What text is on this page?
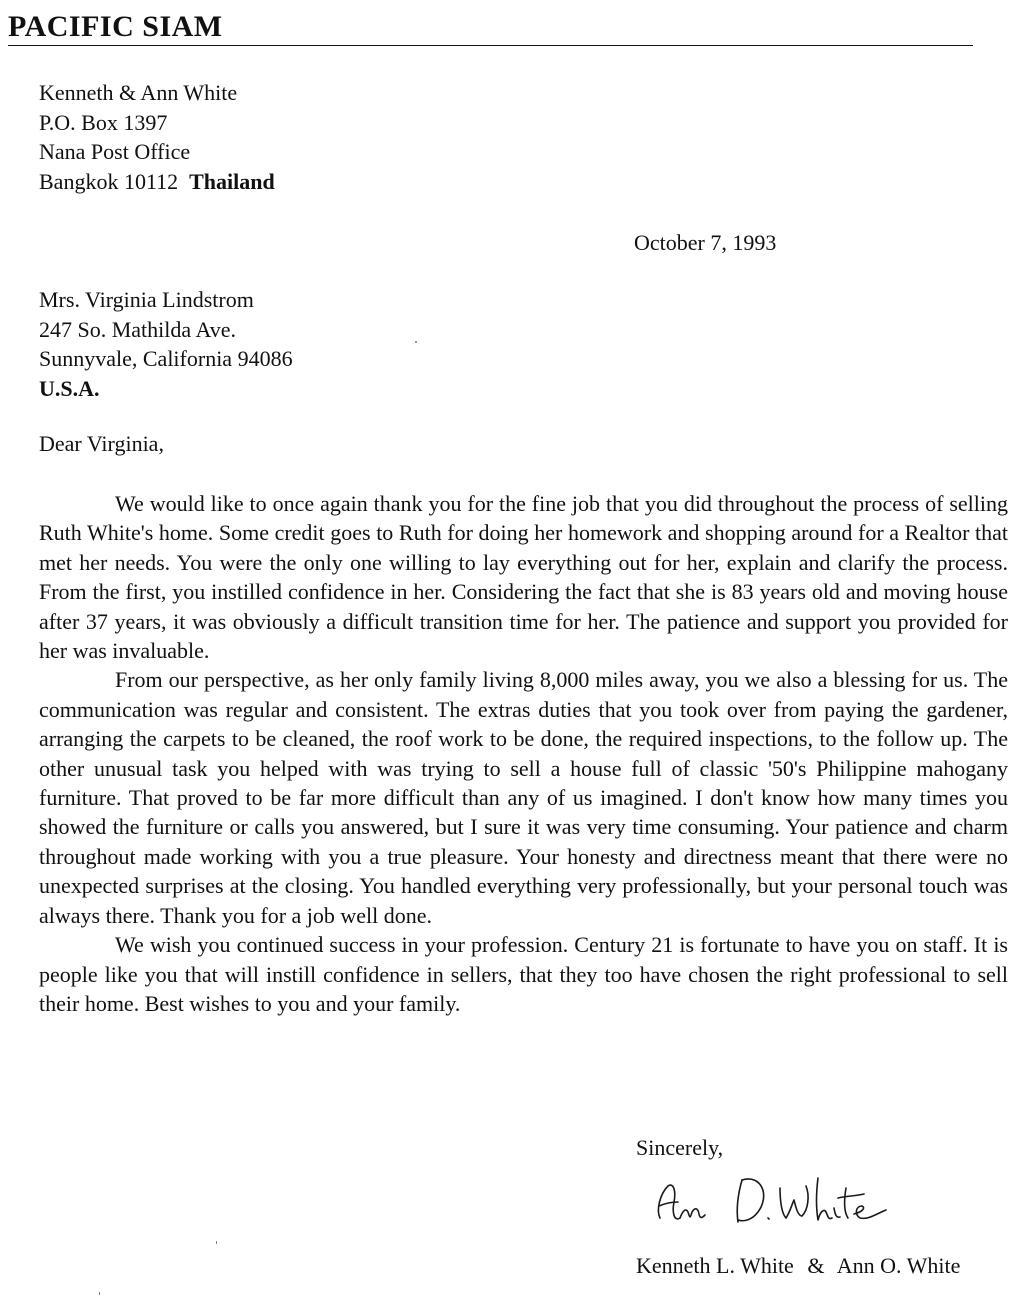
PACIFIC SIAM
Kenneth & Ann White
P.O. Box 1397
Nana Post Office
Bangkok 10112 Thailand
October 7, 1993
Mrs. Virginia Lindstrom
247 So. Mathilda Ave.
Sunnyvale, California 94086
U.S.A.
Dear Virginia,

We would like to once again thank you for the fine job that you did throughout the process of selling Ruth White's home. Some credit goes to Ruth for doing her homework and shopping around for a Realtor that met her needs. You were the only one willing to lay everything out for her, explain and clarify the process. From the first, you instilled confidence in her. Considering the fact that she is 83 years old and moving house after 37 years, it was obviously a difficult transition time for her. The patience and support you provided for her was invaluable.

From our perspective, as her only family living 8,000 miles away, you we also a blessing for us. The communication was regular and consistent. The extras duties that you took over from paying the gardener, arranging the carpets to be cleaned, the roof work to be done, the required inspections, to the follow up. The other unusual task you helped with was trying to sell a house full of classic '50's Philippine mahogany furniture. That proved to be far more difficult than any of us imagined. I don't know how many times you showed the furniture or calls you answered, but I sure it was very time consuming. Your patience and charm throughout made working with you a true pleasure. Your honesty and directness meant that there were no unexpected surprises at the closing. You handled everything very professionally, but your personal touch was always there. Thank you for a job well done.

We wish you continued success in your profession. Century 21 is fortunate to have you on staff. It is people like you that will instill confidence in sellers, that they too have chosen the right professional to sell their home. Best wishes to you and your family.

Sincerely,
Kenneth L. White & Ann O. White
